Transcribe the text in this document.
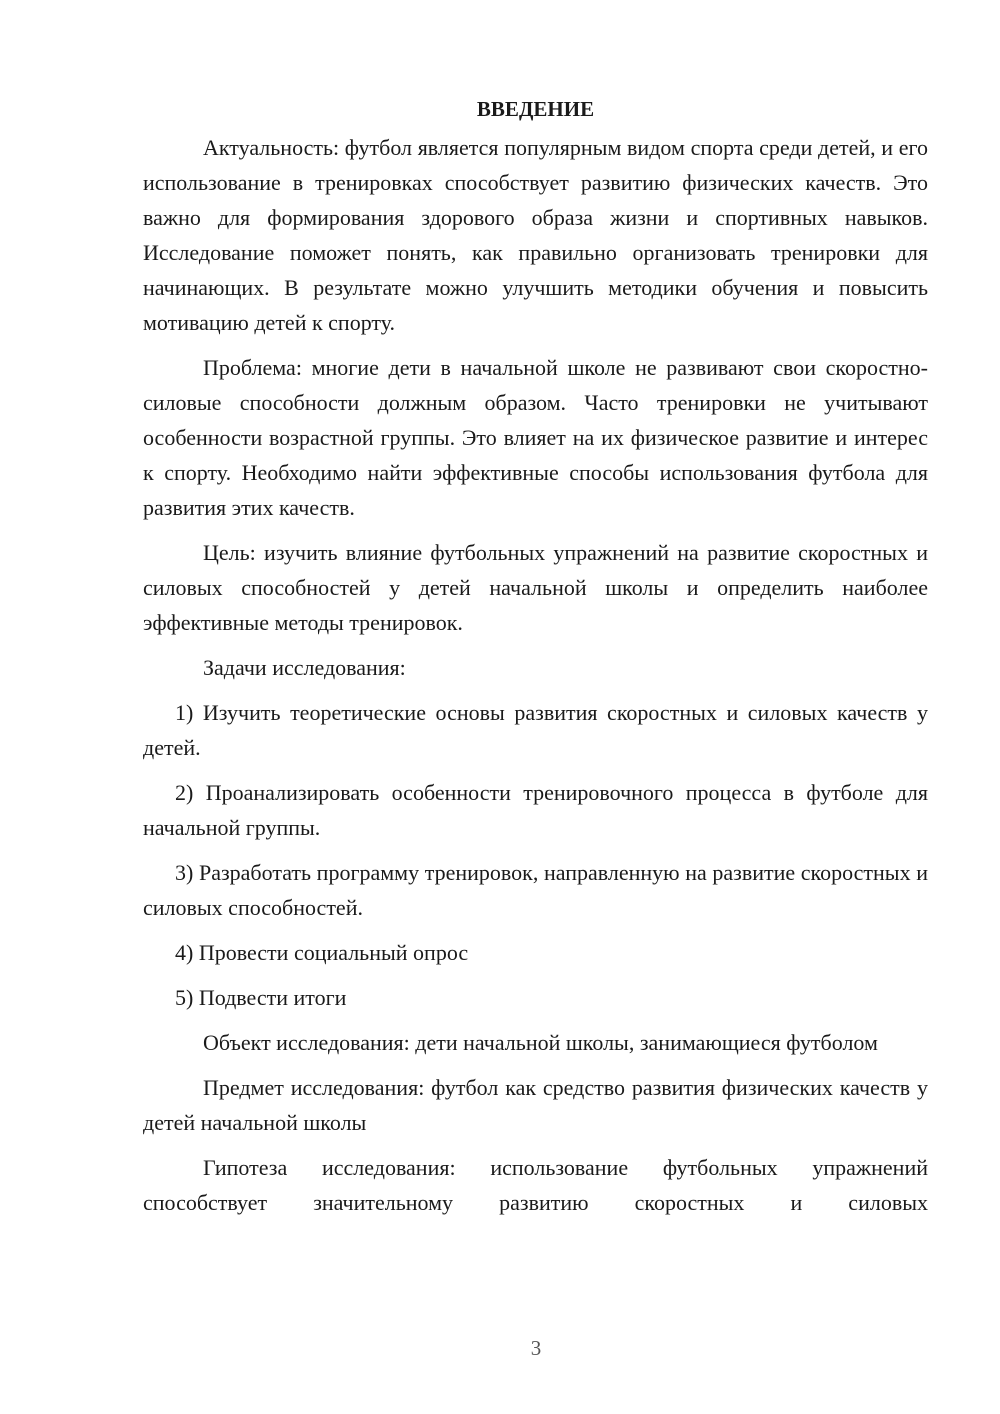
ВВЕДЕНИЕ

Актуальность: футбол является популярным видом спорта среди детей, и его использование в тренировках способствует развитию физических качеств. Это важно для формирования здорового образа жизни и спортивных навыков. Исследование поможет понять, как правильно организовать тренировки для начинающих. В результате можно улучшить методики обучения и повысить мотивацию детей к спорту.

Проблема: многие дети в начальной школе не развивают свои скоростно-силовые способности должным образом. Часто тренировки не учитывают особенности возрастной группы. Это влияет на их физическое развитие и интерес к спорту. Необходимо найти эффективные способы использования футбола для развития этих качеств.

Цель: изучить влияние футбольных упражнений на развитие скоростных и силовых способностей у детей начальной школы и определить наиболее эффективные методы тренировок.

Задачи исследования:

1) Изучить теоретические основы развития скоростных и силовых качеств у детей.

2) Проанализировать особенности тренировочного процесса в футболе для начальной группы.

3) Разработать программу тренировок, направленную на развитие скоростных и силовых способностей.

4) Провести социальный опрос

5) Подвести итоги

Объект исследования: дети начальной школы, занимающиеся футболом

Предмет исследования: футбол как средство развития физических качеств у детей начальной школы

Гипотеза исследования: использование футбольных упражнений способствует значительному развитию скоростных и силовых

3
